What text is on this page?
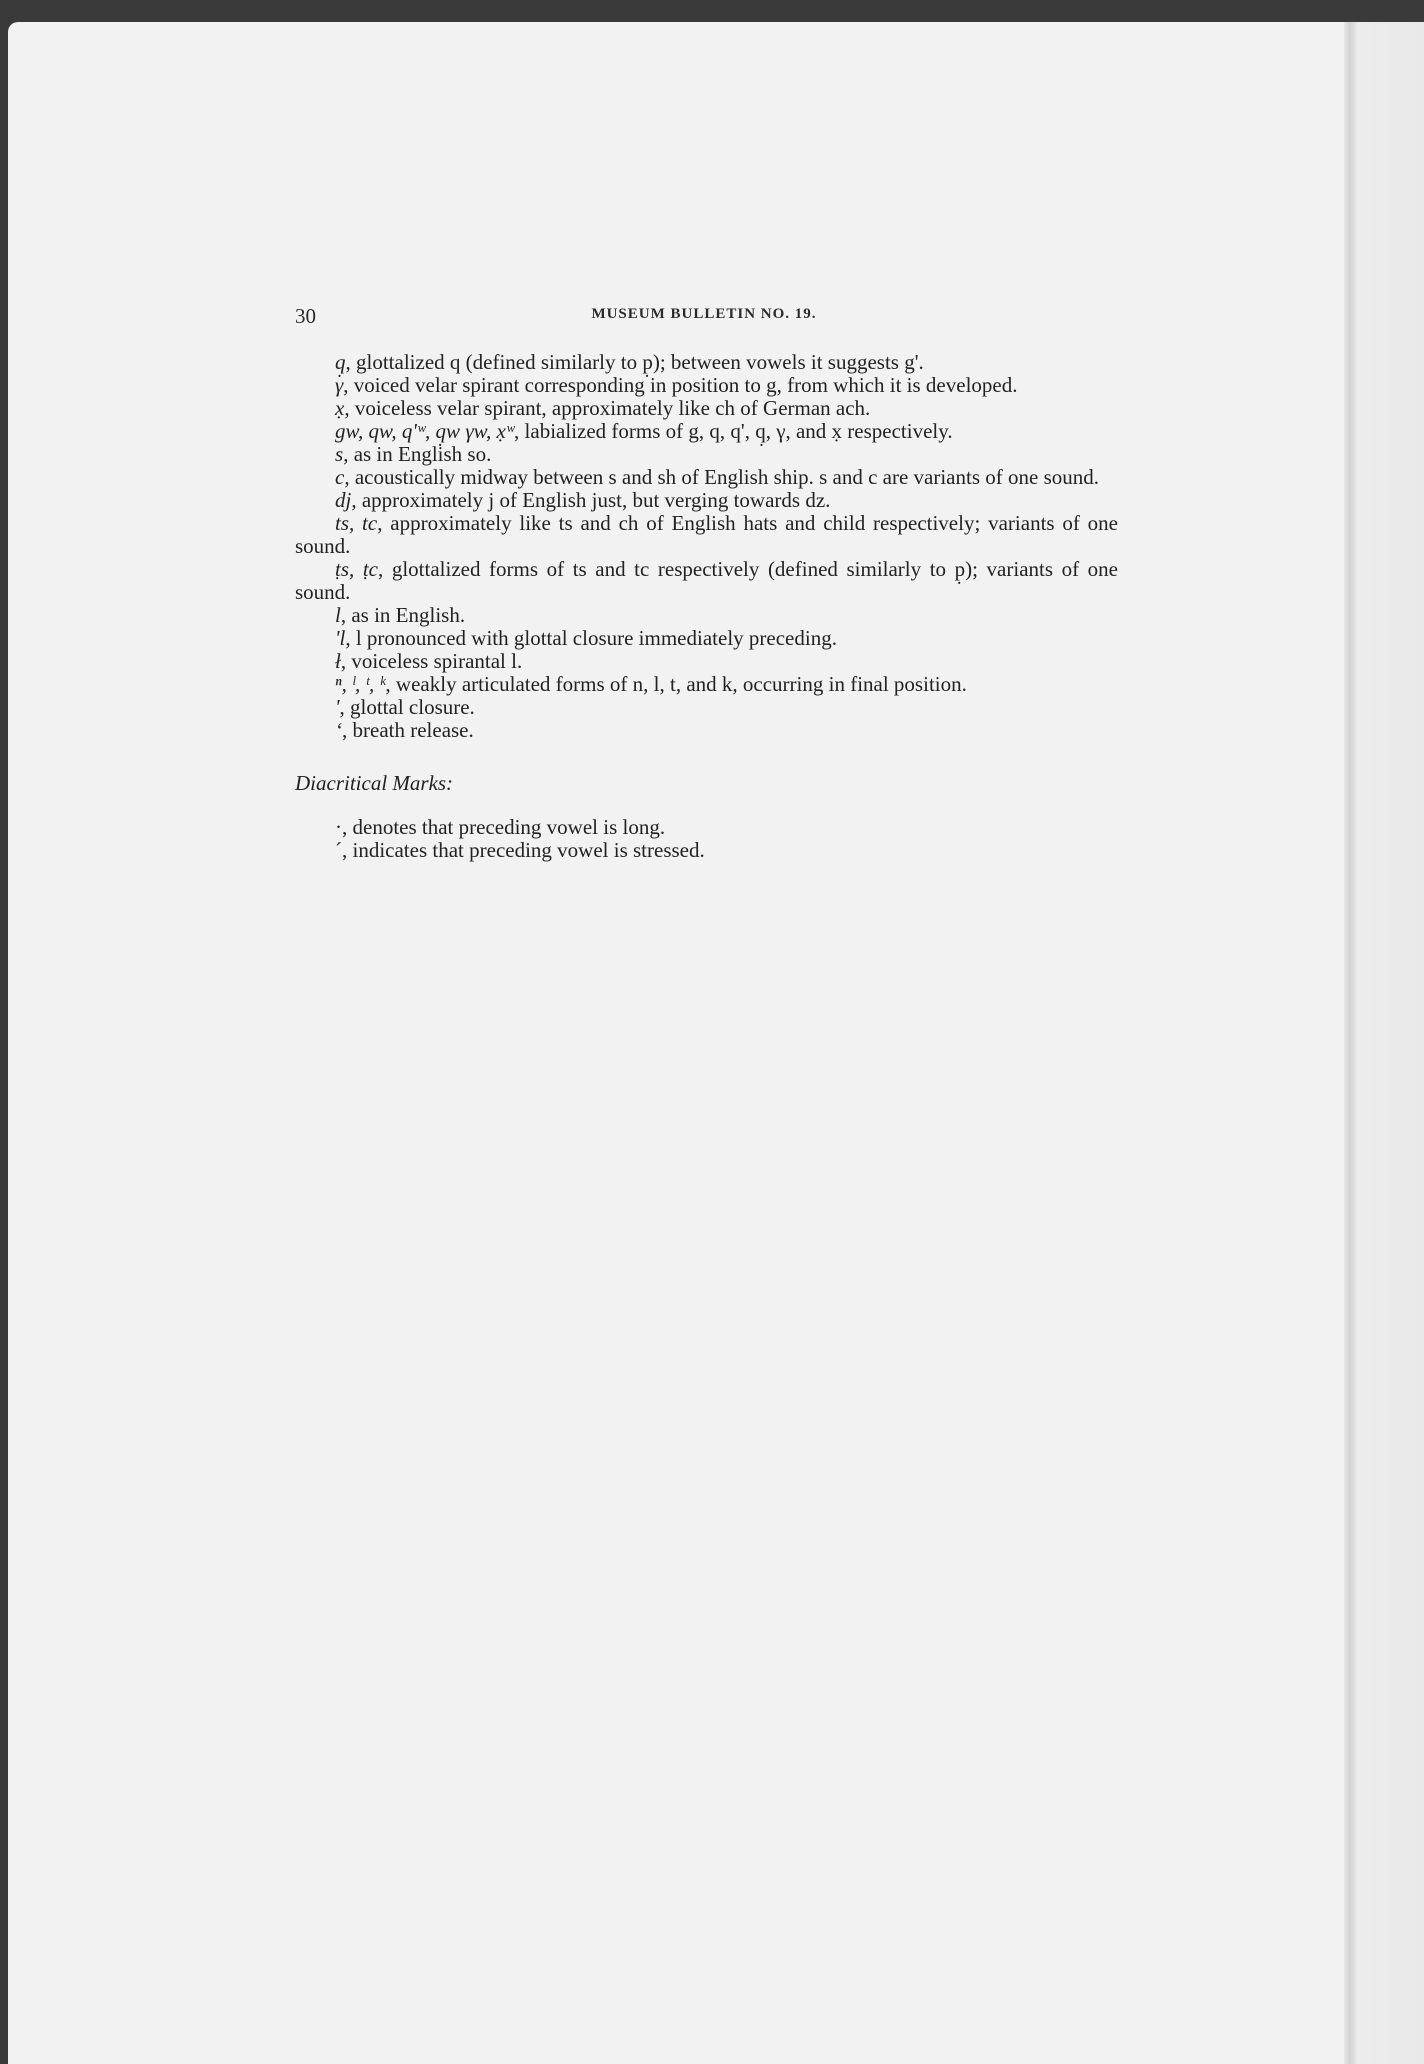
30	MUSEUM BULLETIN NO. 19.

q̣, glottalized q (defined similarly to p̣); between vowels it suggests g'.

γ, voiced velar spirant corresponding in position to g, from which it is developed.

x̣, voiceless velar spirant, approximately like ch of German ach.

gw, qw, q'ʷ, q̣w γw, x̣ʷ, labialized forms of g, q, q', q̣, γ, and x̣ respectively.

s, as in English so.

c, acoustically midway between s and sh of English ship. s and c are variants of one sound.

dj, approximately j of English just, but verging towards dz.

ts, tc, approximately like ts and ch of English hats and child respectively; variants of one sound.

ṭs, ṭc, glottalized forms of ts and tc respectively (defined similarly to p̣); variants of one sound.

l, as in English.

'l, l pronounced with glottal closure immediately preceding.

ł, voiceless spirantal l.

ⁿ, ˡ, ᵗ, ᵏ, weakly articulated forms of n, l, t, and k, occurring in final position.

', glottal closure.

ʻ, breath release.

Diacritical Marks:

·, denotes that preceding vowel is long.

´, indicates that preceding vowel is stressed.
